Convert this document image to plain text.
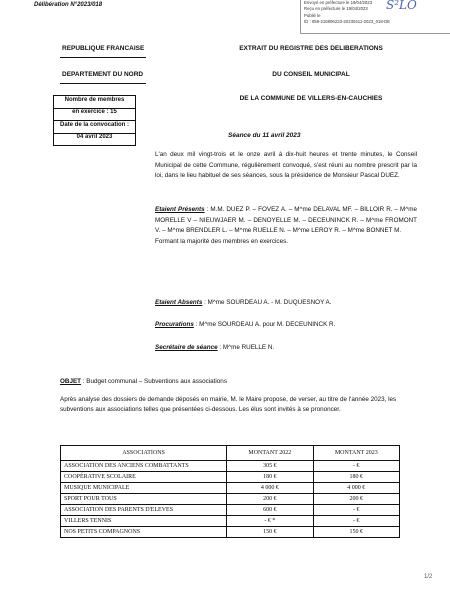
Délibération N°2023/018	Envoyé en préfecture le 19/04/2023
Reçu en préfecture le 19/04/2023
Publié le
ID : 059-215906223-20230411-2023_018-DE
S²LO
REPUBLIQUE FRANCAISE
DEPARTEMENT DU NORD
EXTRAIT DU REGISTRE DES DELIBERATIONS
DU CONSEIL MUNICIPAL
DE LA COMMUNE DE VILLERS-EN-CAUCHIES
Nombre de membres
en exercice : 15
Date de la convocation :
04 avril 2023	Séance du 11 avril 2023
L'an deux mil vingt-trois et le onze avril à dix-huit heures et trente minutes, le Conseil Municipal de cette Commune, régulièrement convoqué, s'est réuni au nombre prescrit par la loi, dans le lieu habituel de ses séances, sous la présidence de Monsieur Pascal DUEZ.
Etaient Présents : M.M. DUEZ P. – FOVEZ A. – M^me DELAVAL MF. – BILLOIR R. – M^me MORELLE V – NIEUWJAER M. – DENOYELLE M. – DECEUNINCK R. – M^me FROMONT V. – M^me BRENDLER L. – M^me RUELLE N. – M^me LEROY R. – M^me BONNET M.
Formant la majorité des membres en exercices.
Etaient Absents : M^me SOURDEAU A. - M. DUQUESNOY A.
Procurations : M^me SOURDEAU A. pour M. DECEUNINCK R.
Secrétaire de séance : M^me RUELLE N.
OBJET : Budget communal – Subventions aux associations
Après analyse des dossiers de demande déposés en mairie, M. le Maire propose, de verser, au titre de l'année 2023, les subventions aux associations telles que présentées ci-dessous. Les élus sont invités à se prononcer.
ASSOCIATIONS	MONTANT 2022	MONTANT 2023
ASSOCIATION DES ANCIENS COMBATTANTS	305 €	- €
COOPÉRATIVE SCOLAIRE	180 €	180 €
MUSIQUE MUNICIPALE	4 000 €	4 000 €
SPORT POUR TOUS	200 €	200 €
ASSOCIATION DES PARENTS D'ELEVES	600 €	- €
VILLERS TENNIS	- € *	- €
NOS PETITS COMPAGNONS	150 €	150 €
1/2
